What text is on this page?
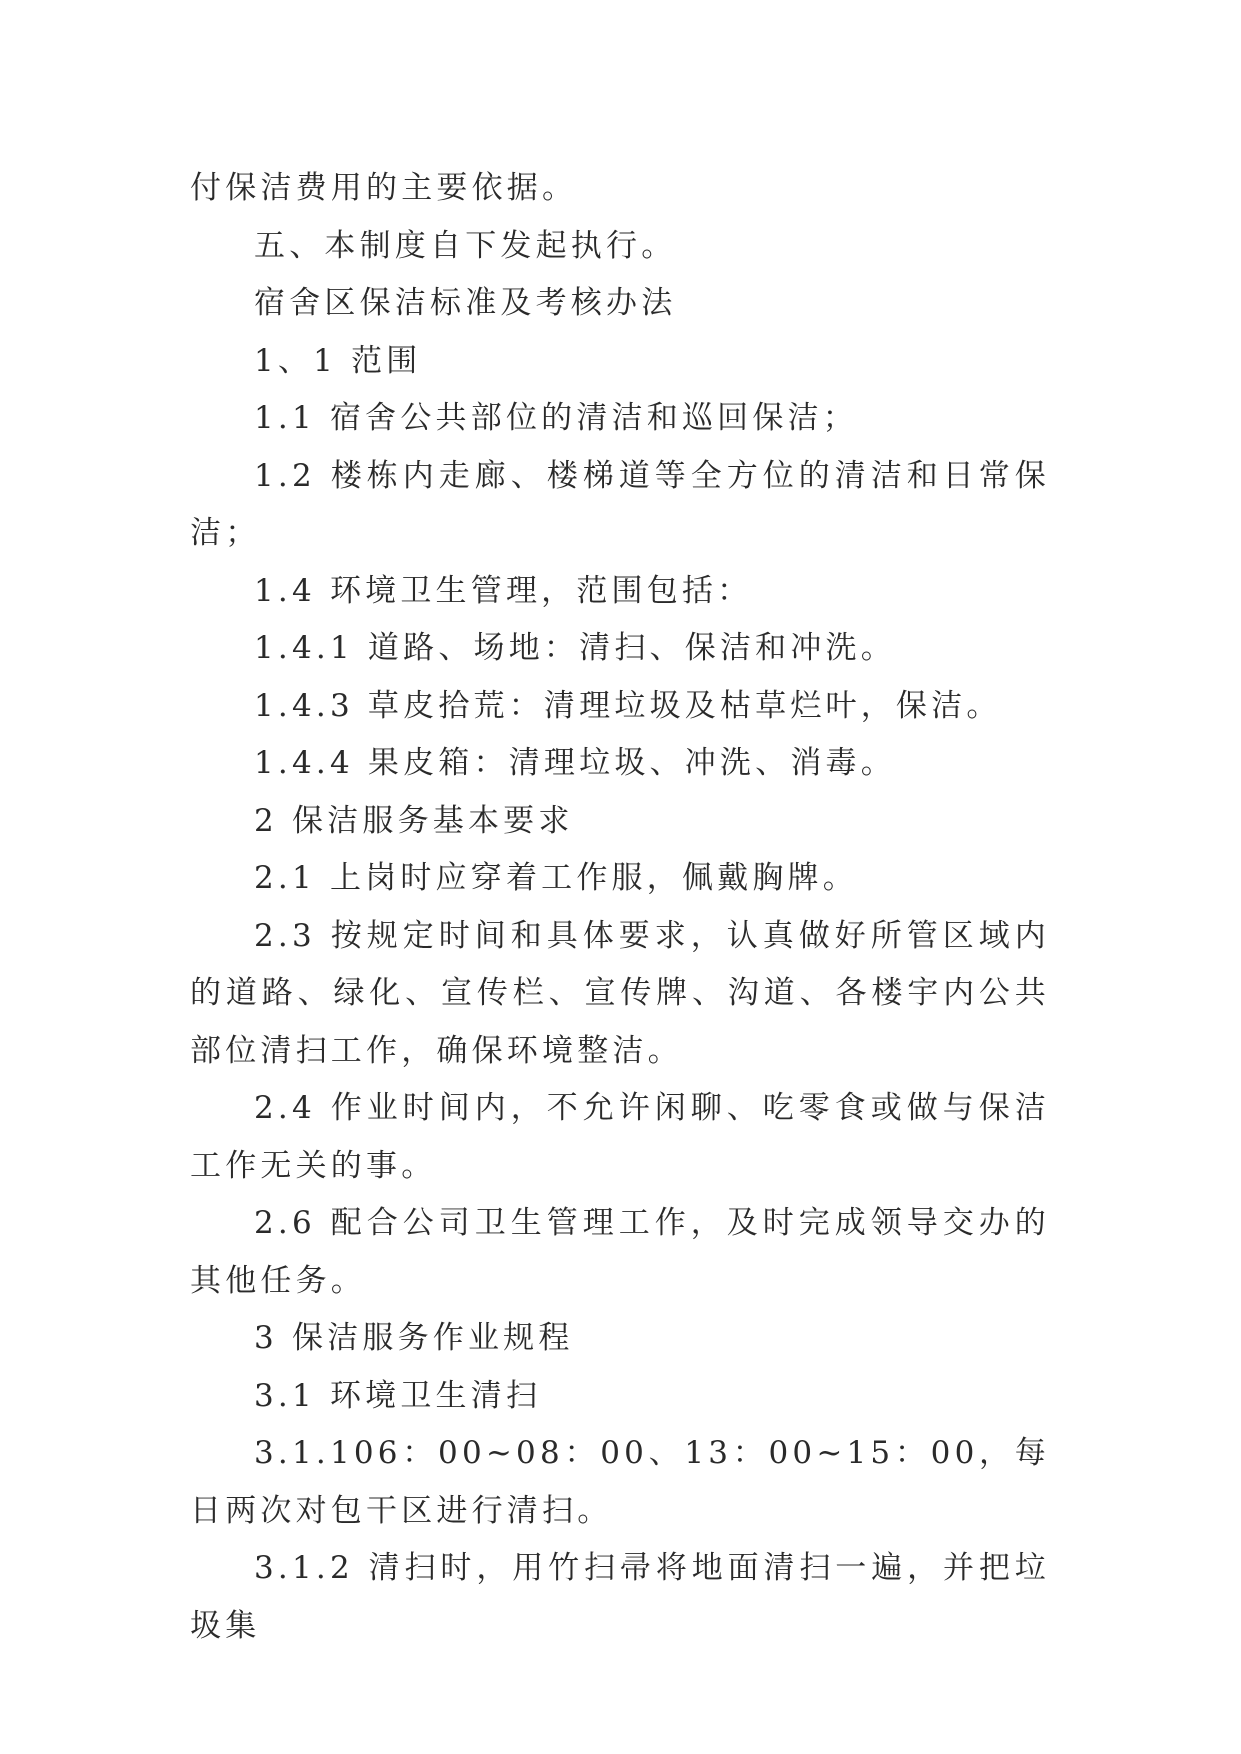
付保洁费用的主要依据。

五、本制度自下发起执行。

宿舍区保洁标准及考核办法

1、1 范围

1.1 宿舍公共部位的清洁和巡回保洁；

1.2 楼栋内走廊、楼梯道等全方位的清洁和日常保洁；

1.4 环境卫生管理，范围包括：

1.4.1 道路、场地：清扫、保洁和冲洗。

1.4.3 草皮拾荒：清理垃圾及枯草烂叶，保洁。

1.4.4 果皮箱：清理垃圾、冲洗、消毒。

2 保洁服务基本要求

2.1 上岗时应穿着工作服，佩戴胸牌。

2.3 按规定时间和具体要求，认真做好所管区域内的道路、绿化、宣传栏、宣传牌、沟道、各楼宇内公共部位清扫工作，确保环境整洁。

2.4 作业时间内，不允许闲聊、吃零食或做与保洁工作无关的事。

2.6 配合公司卫生管理工作，及时完成领导交办的其他任务。

3 保洁服务作业规程

3.1 环境卫生清扫

3.1.106：00~08：00、13：00~15：00，每日两次对包干区进行清扫。

3.1.2 清扫时，用竹扫帚将地面清扫一遍，并把垃圾集
